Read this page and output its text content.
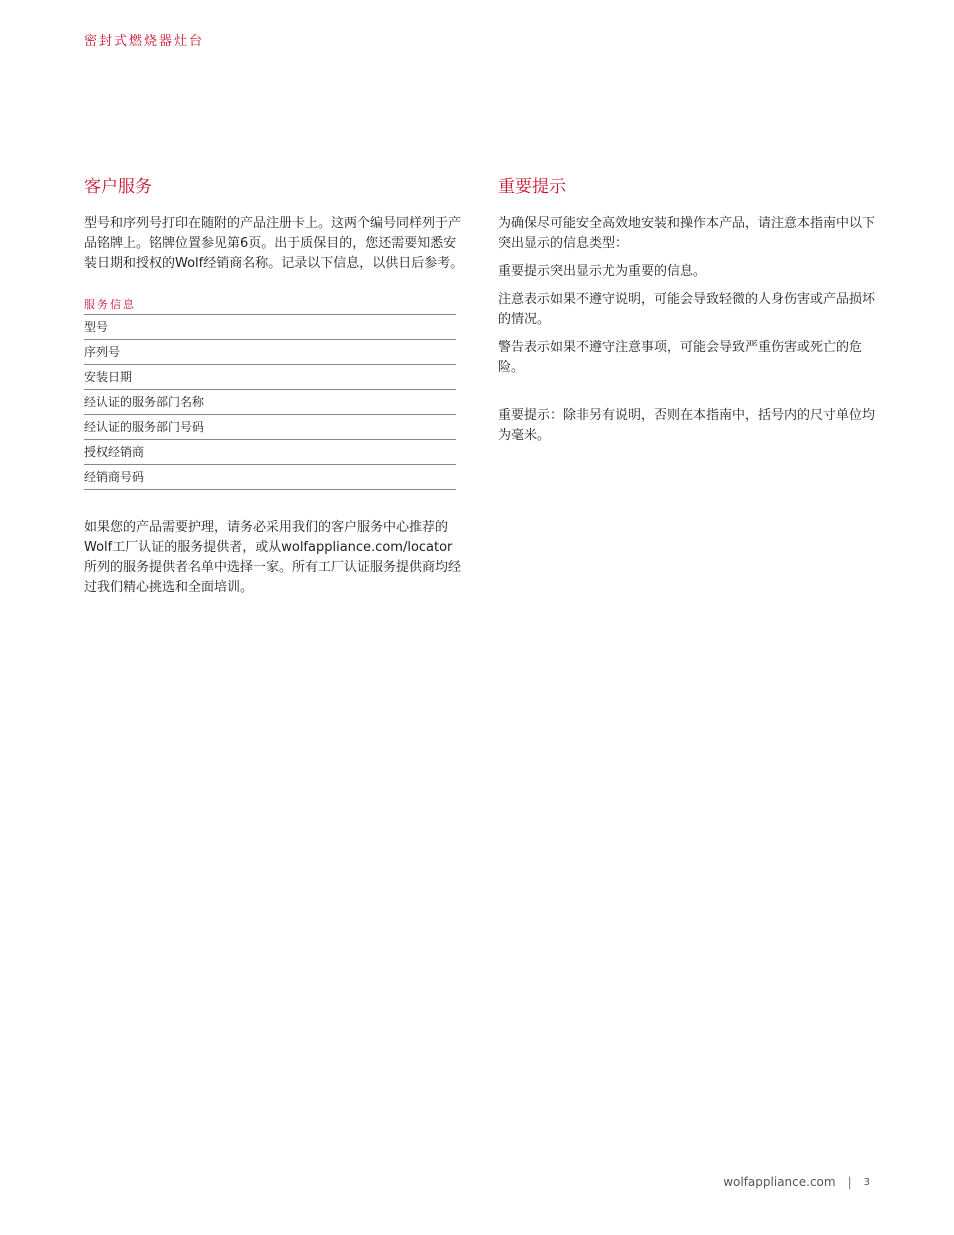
密封式燃烧器灶台
客户服务

型号和序列号打印在随附的产品注册卡上。这两个编号同样列于产品铭牌上。铭牌位置参见第6页。出于质保目的，您还需要知悉安装日期和授权的Wolf经销商名称。记录以下信息，以供日后参考。

服务信息
型号
序列号
安装日期
经认证的服务部门名称
经认证的服务部门号码
授权经销商
经销商号码

如果您的产品需要护理，请务必采用我们的客户服务中心推荐的Wolf工厂认证的服务提供者，或从wolfappliance.com/locator所列的服务提供者名单中选择一家。所有工厂认证服务提供商均经过我们精心挑选和全面培训。

重要提示

为确保尽可能安全高效地安装和操作本产品，请注意本指南中以下突出显示的信息类型：

重要提示突出显示尤为重要的信息。

注意表示如果不遵守说明，可能会导致轻微的人身伤害或产品损坏的情况。

警告表示如果不遵守注意事项，可能会导致严重伤害或死亡的危险。

重要提示：除非另有说明，否则在本指南中，括号内的尺寸单位均为毫米。

wolfappliance.com | 3
